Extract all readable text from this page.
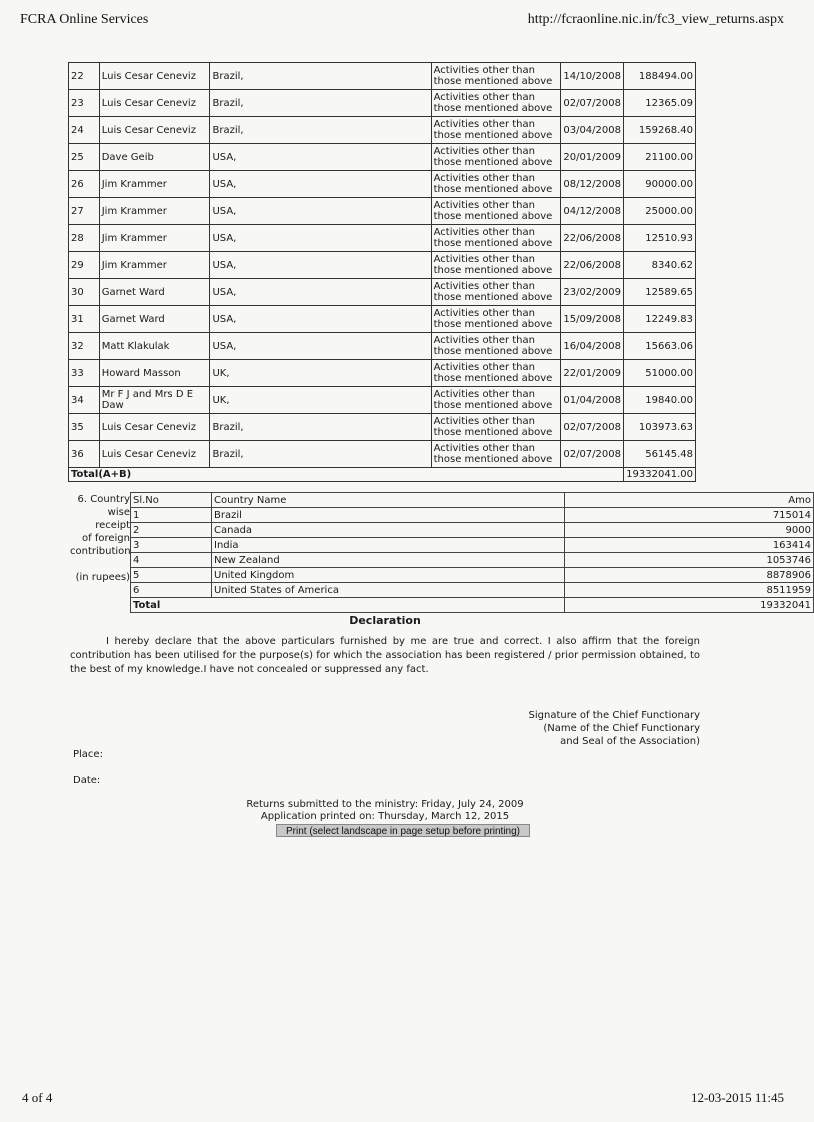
FCRA Online Services	http://fcraonline.nic.in/fc3_view_returns.aspx
22	Luis Cesar Ceneviz	Brazil,	Activities other than those mentioned above	14/10/2008	188494.00
23	Luis Cesar Ceneviz	Brazil,	Activities other than those mentioned above	02/07/2008	12365.09
24	Luis Cesar Ceneviz	Brazil,	Activities other than those mentioned above	03/04/2008	159268.40
25	Dave Geib	USA,	Activities other than those mentioned above	20/01/2009	21100.00
26	Jim Krammer	USA,	Activities other than those mentioned above	08/12/2008	90000.00
27	Jim Krammer	USA,	Activities other than those mentioned above	04/12/2008	25000.00
28	Jim Krammer	USA,	Activities other than those mentioned above	22/06/2008	12510.93
29	Jim Krammer	USA,	Activities other than those mentioned above	22/06/2008	8340.62
30	Garnet Ward	USA,	Activities other than those mentioned above	23/02/2009	12589.65
31	Garnet Ward	USA,	Activities other than those mentioned above	15/09/2008	12249.83
32	Matt Klakulak	USA,	Activities other than those mentioned above	16/04/2008	15663.06
33	Howard Masson	UK,	Activities other than those mentioned above	22/01/2009	51000.00
34	Mr F J and Mrs D E Daw	UK,	Activities other than those mentioned above	01/04/2008	19840.00
35	Luis Cesar Ceneviz	Brazil,	Activities other than those mentioned above	02/07/2008	103973.63
36	Luis Cesar Ceneviz	Brazil,	Activities other than those mentioned above	02/07/2008	56145.48
Total(A+B)					19332041.00
6. Country
wise receipt
of foreign
contribution

(in rupees)
Sl.No	Country Name	Amo
1	Brazil	715014
2	Canada	9000
3	India	163414
4	New Zealand	1053746
5	United Kingdom	8878906
6	United States of America	8511959
Total		19332041
Declaration
I hereby declare that the above particulars furnished by me are true and correct. I also affirm that the foreign contribution has been utilised for the purpose(s) for which the association has been registered / prior permission obtained, to the best of my knowledge.I have not concealed or suppressed any fact.
Signature of the Chief Functionary
(Name of the Chief Functionary
and Seal of the Association)
Place:
Date:
Returns submitted to the ministry: Friday, July 24, 2009
Application printed on: Thursday, March 12, 2015
Print (select landscape in page setup before printing)
4 of 4	12-03-2015 11:45
